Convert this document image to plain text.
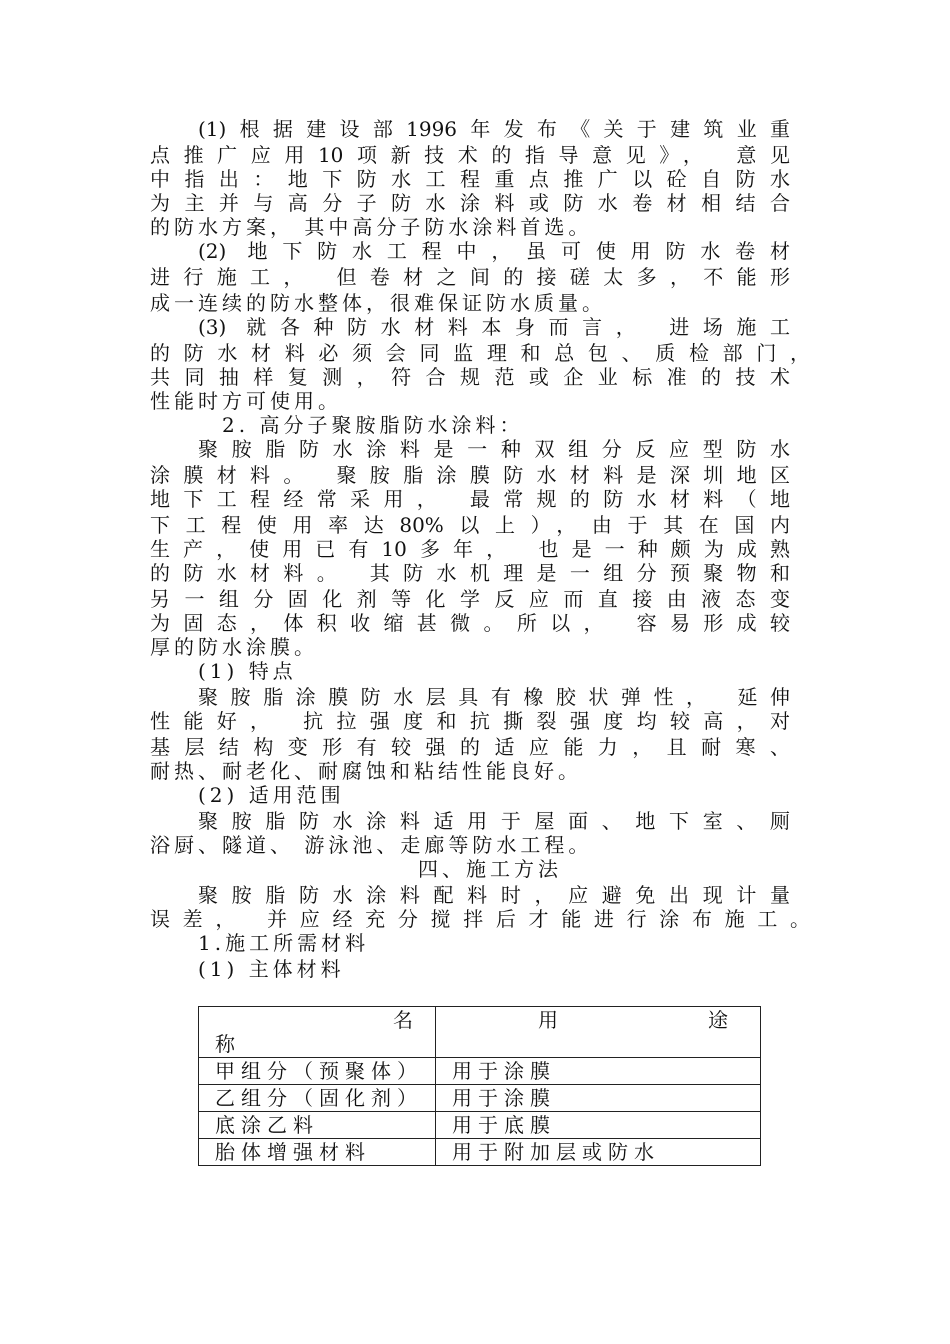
(1)根据建设部1996年发布《关于建筑业重
点推广应用10项新技术的指导意见》， 意见
中指出：地下防水工程重点推广以砼自防水
为主并与高分子防水涂料或防水卷材相结合
的防水方案， 其中高分子防水涂料首选。
(2) 地下防水工程中，虽可使用防水卷材
进行施工， 但卷材之间的接磋太多，不能形
成一连续的防水整体，很难保证防水质量。
(3) 就各种防水材料本身而言， 进场施工
的防水材料必须会同监理和总包、质检部门，
共同抽样复测，符合规范或企业标准的技术
性能时方可使用。
2. 高分子聚胺脂防水涂料：
聚胺脂防水涂料是一种双组分反应型防水
涂膜材料。 聚胺脂涂膜防水材料是深圳地区
地下工程经常采用， 最常规的防水材料（地
下工程使用率达80%以上），由于其在国内
生产，使用已有10多年， 也是一种颇为成熟
的防水材料。 其防水机理是一组分预聚物和
另一组分固化剂等化学反应而直接由液态变
为固态，体积收缩甚微。所以， 容易形成较
厚的防水涂膜。
(1) 特点
聚胺脂涂膜防水层具有橡胶状弹性， 延伸
性能好， 抗拉强度和抗撕裂强度均较高，对
基层结构变形有较强的适应能力，且耐寒、
耐热、耐老化、耐腐蚀和粘结性能良好。
(2) 适用范围
聚胺脂防水涂料适用于屋面、地下室、厕
浴厨、隧道、 游泳池、走廊等防水工程。
四、施工方法
聚胺脂防水涂料配料时，应避免出现计量
误差， 并应经充分搅拌后才能进行涂布施工。
1.施工所需材料
(1) 主体材料
名
称	用 途

甲组分（预聚体）	用于涂膜
乙组分（固化剂）	用于涂膜
底涂乙料	用于底膜
胎体增强材料	用于附加层或防水
